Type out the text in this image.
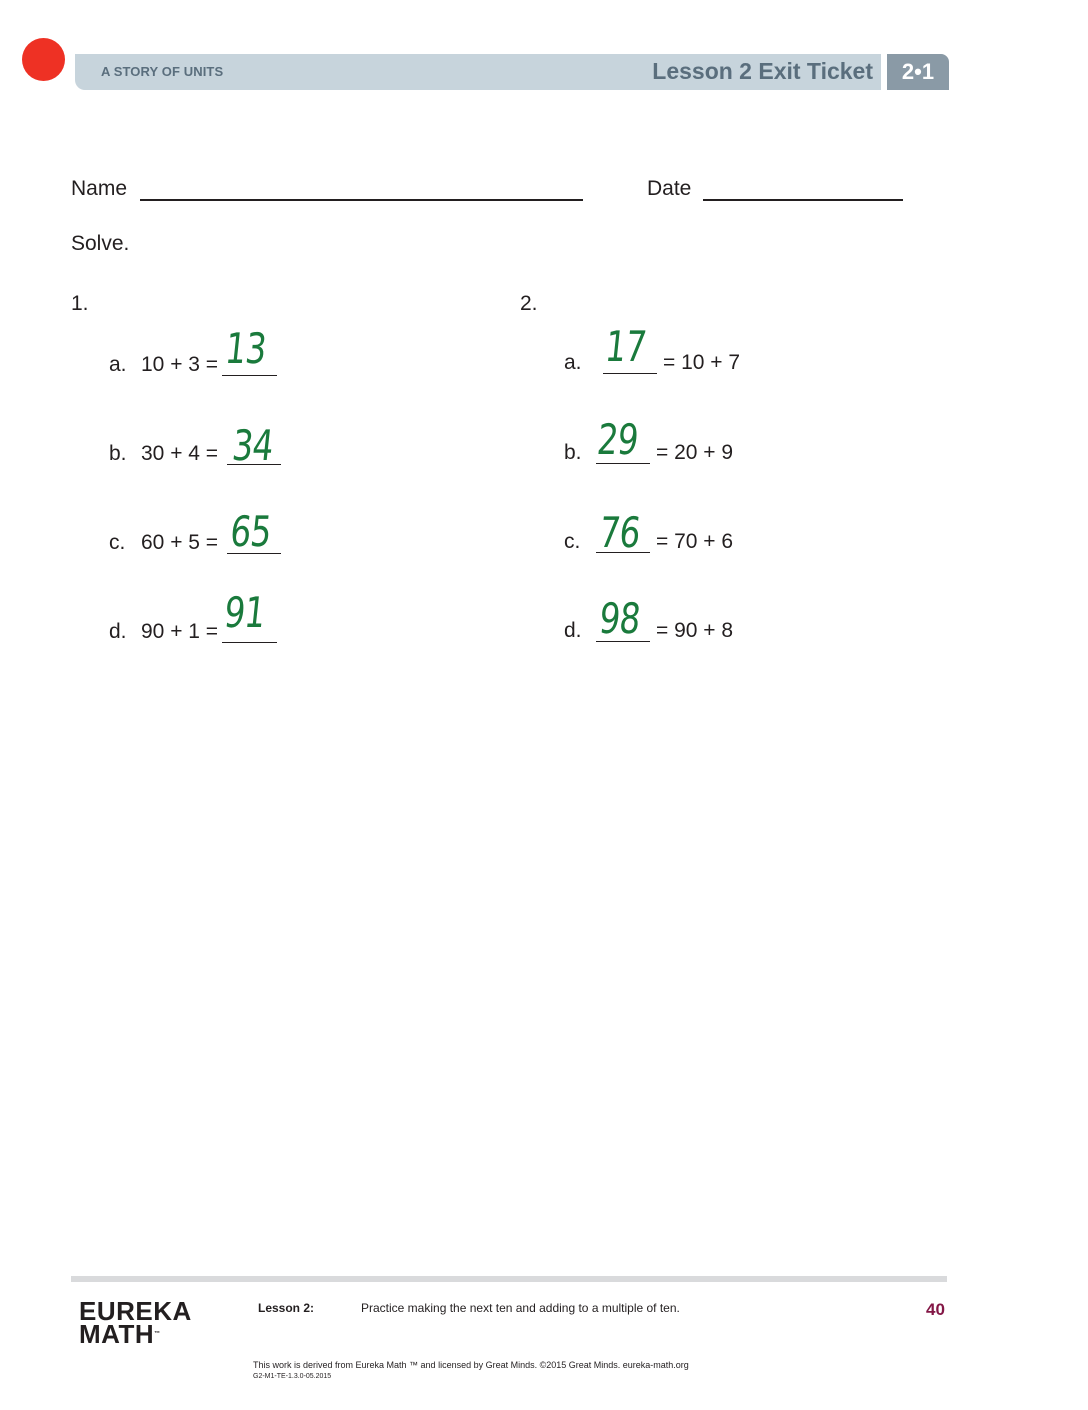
A STORY OF UNITS	Lesson 2 Exit Ticket	2•1
Name	Date
Solve.
1.
a. 10 + 3 = 13
b. 30 + 4 = 34
c. 60 + 5 = 65
d. 90 + 1 = 91
2.
a. 17 = 10 + 7
b. 29 = 20 + 9
c. 76 = 70 + 6
d. 98 = 90 + 8
EUREKA
MATH™
Lesson 2:	Practice making the next ten and adding to a multiple of ten.	40
This work is derived from Eureka Math ™ and licensed by Great Minds. ©2015 Great Minds. eureka-math.org
G2-M1-TE-1.3.0-05.2015
